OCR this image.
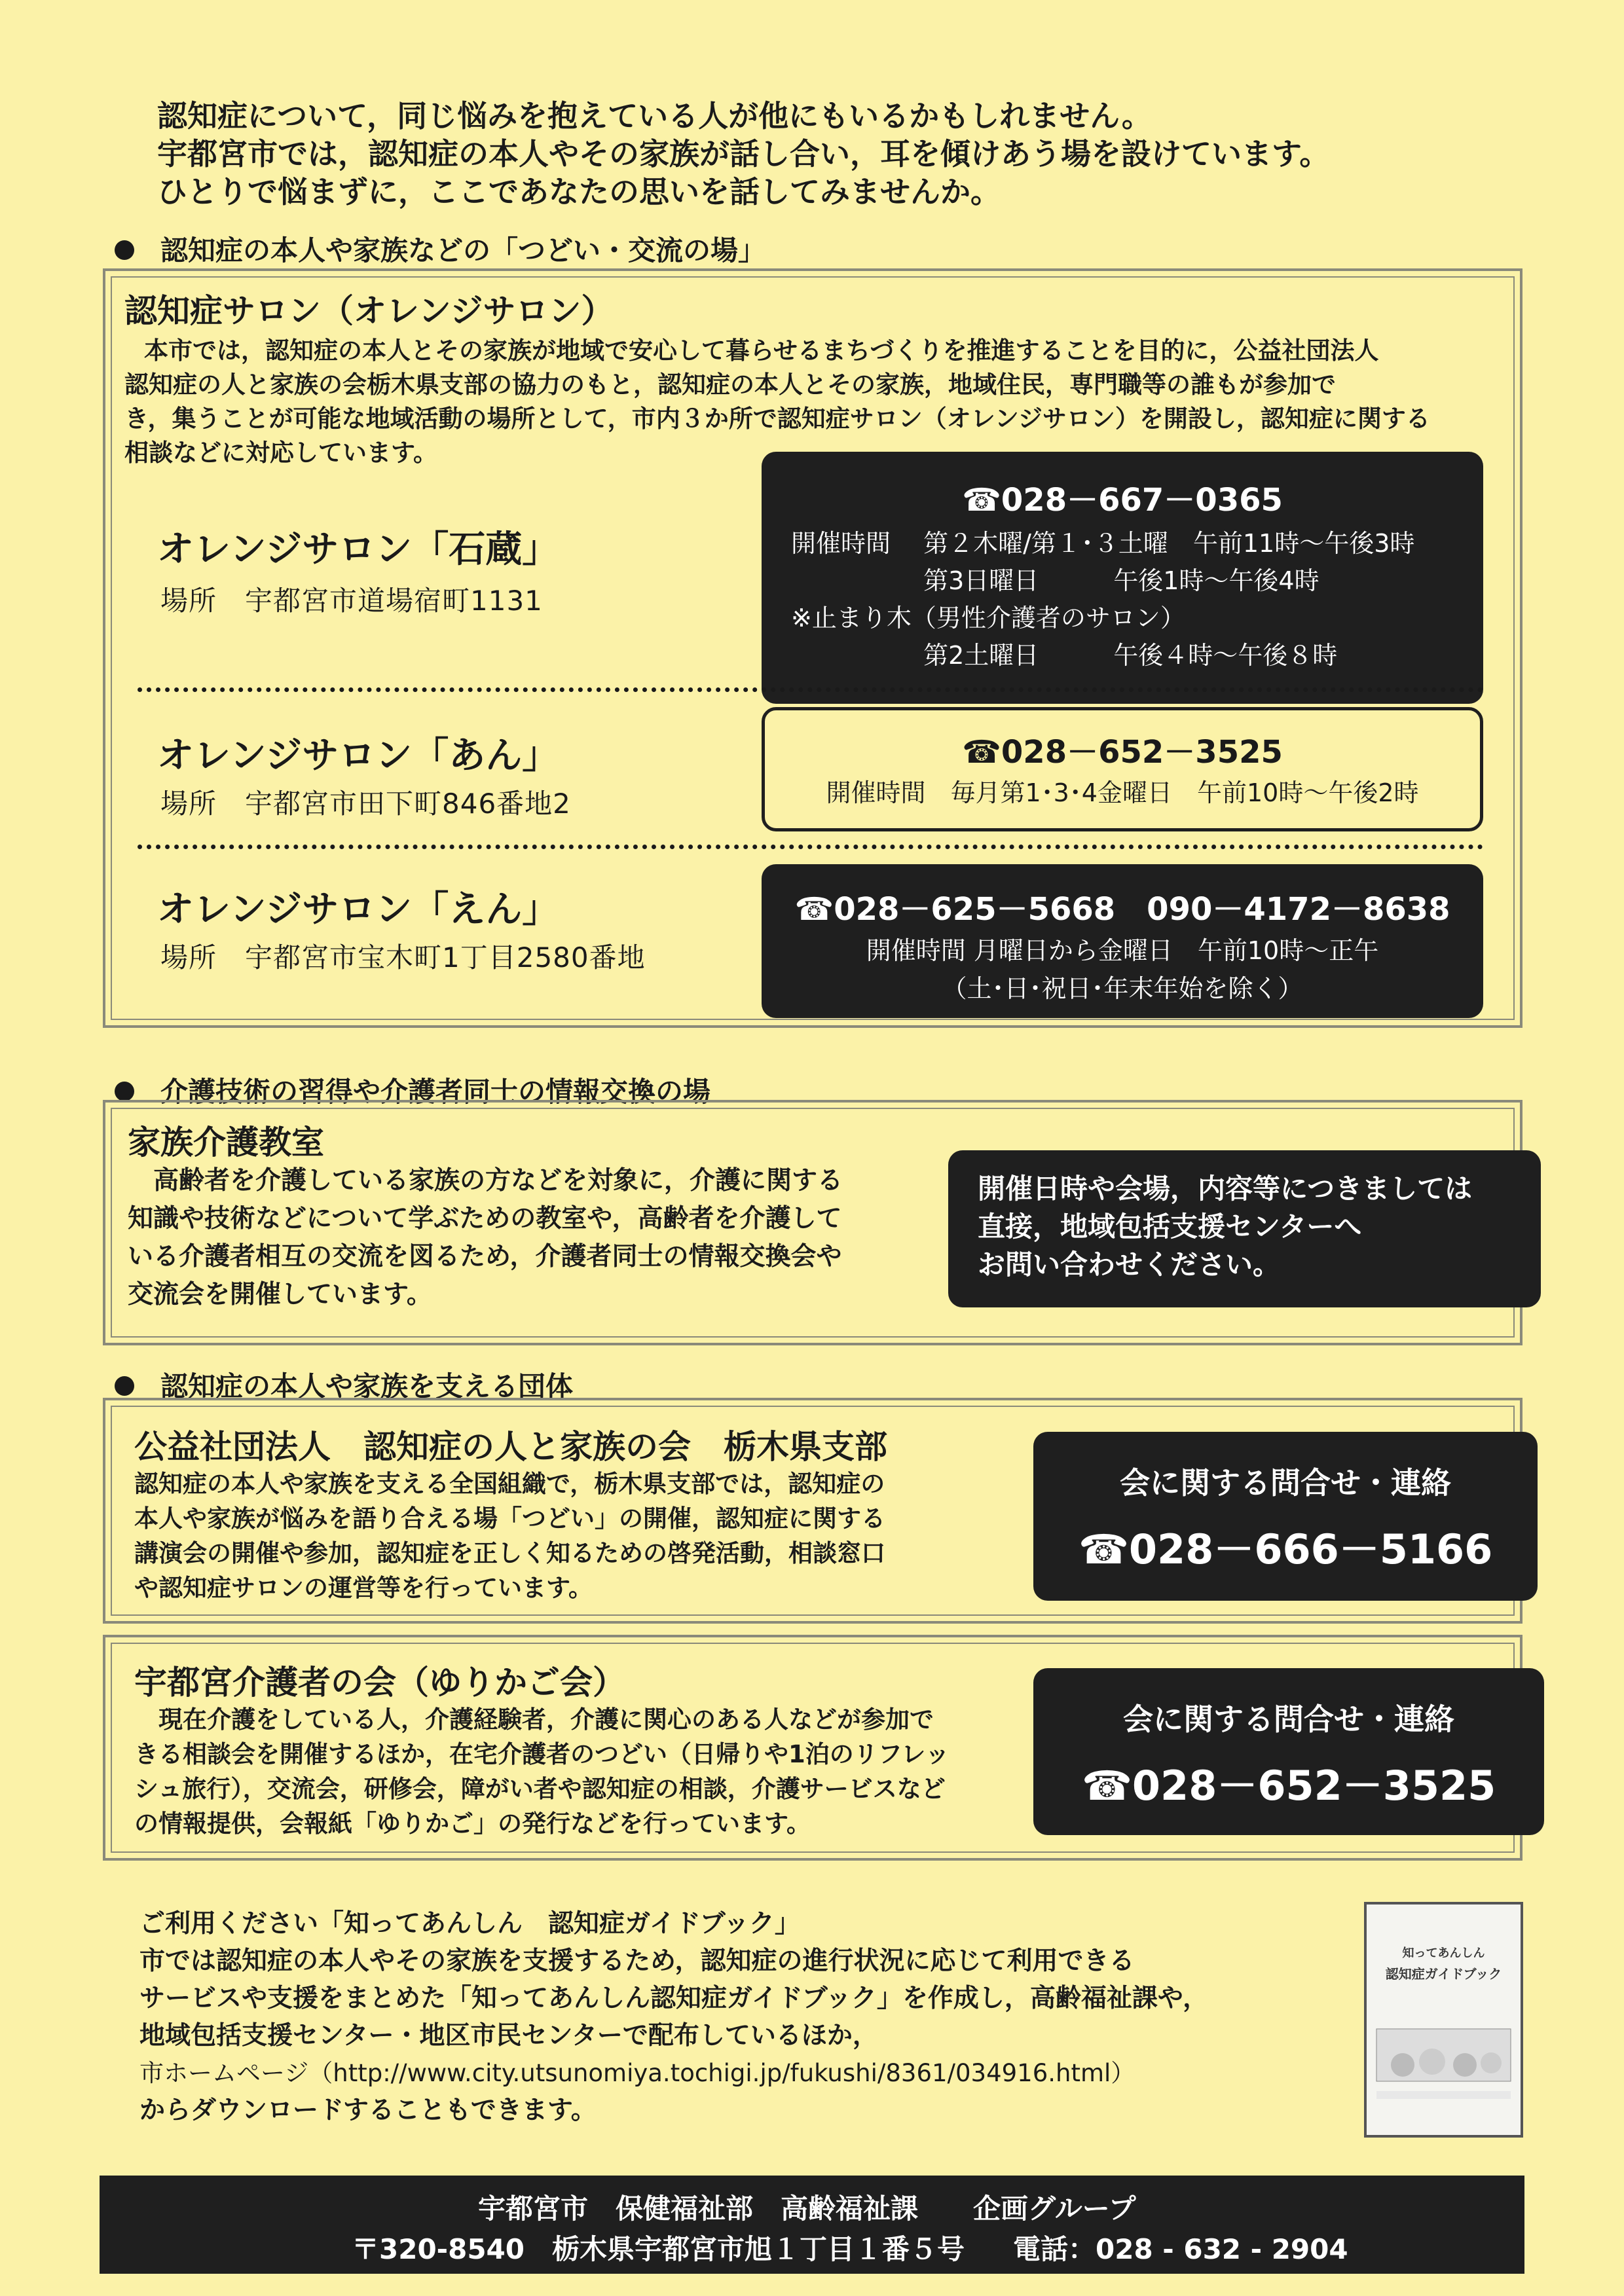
認知症について，同じ悩みを抱えている人が他にもいるかもしれません。
宇都宮市では，認知症の本人やその家族が話し合い，耳を傾けあう場を設けています。
ひとりで悩まずに，ここであなたの思いを話してみませんか。
認知症の本人や家族などの「つどい・交流の場」
認知症サロン（オレンジサロン）
本市では，認知症の本人とその家族が地域で安心して暮らせるまちづくりを推進することを目的に，公益社団法人
認知症の人と家族の会栃木県支部の協力のもと，認知症の本人とその家族，地域住民，専門職等の誰もが参加で
き，集うことが可能な地域活動の場所として，市内３か所で認知症サロン（オレンジサロン）を開設し，認知症に関する
相談などに対応しています。
オレンジサロン「石蔵」
場所　宇都宮市道場宿町1131
☎028－667－0365
開催時間　 第２木曜/第１･３土曜　午前11時～午後3時
　　　　　 第3日曜日　　　午後1時～午後4時
※止まり木（男性介護者のサロン）
　　　　　 第2土曜日　　　午後４時～午後８時
オレンジサロン「あん」
場所　宇都宮市田下町846番地2
☎028－652－3525
開催時間　毎月第1･3･4金曜日　午前10時～午後2時
オレンジサロン「えん」
場所　宇都宮市宝木町1丁目2580番地
☎028－625－5668　090－4172－8638
開催時間 月曜日から金曜日　午前10時～正午
（土･日･祝日･年末年始を除く）
介護技術の習得や介護者同士の情報交換の場
家族介護教室
　高齢者を介護している家族の方などを対象に，介護に関する
知識や技術などについて学ぶための教室や，高齢者を介護して
いる介護者相互の交流を図るため，介護者同士の情報交換会や
交流会を開催しています。
開催日時や会場，内容等につきましては
直接，地域包括支援センターへ
お問い合わせください。
認知症の本人や家族を支える団体
公益社団法人　認知症の人と家族の会　栃木県支部
認知症の本人や家族を支える全国組織で，栃木県支部では，認知症の
本人や家族が悩みを語り合える場「つどい」の開催，認知症に関する
講演会の開催や参加，認知症を正しく知るための啓発活動，相談窓口
や認知症サロンの運営等を行っています。
会に関する問合せ・連絡
☎028－666－5166
宇都宮介護者の会（ゆりかご会）
　現在介護をしている人，介護経験者，介護に関心のある人などが参加で
きる相談会を開催するほか，在宅介護者のつどい（日帰りや1泊のリフレッ
シュ旅行），交流会，研修会，障がい者や認知症の相談，介護サービスなど
の情報提供，会報紙「ゆりかご」の発行などを行っています。
会に関する問合せ・連絡
☎028－652－3525
ご利用ください「知ってあんしん　認知症ガイドブック」
市では認知症の本人やその家族を支援するため，認知症の進行状況に応じて利用できる
サービスや支援をまとめた「知ってあんしん認知症ガイドブック」を作成し，高齢福祉課や，
地域包括支援センター・地区市民センターで配布しているほか，
市ホームページ（http://www.city.utsunomiya.tochigi.jp/fukushi/8361/034916.html）
からダウンロードすることもできます。
知ってあんしん
認知症ガイドブック
宇都宮市　保健福祉部　高齢福祉課　　企画グループ
〒320-8540　栃木県宇都宮市旭１丁目１番５号 電話：028 - 632 - 2904
